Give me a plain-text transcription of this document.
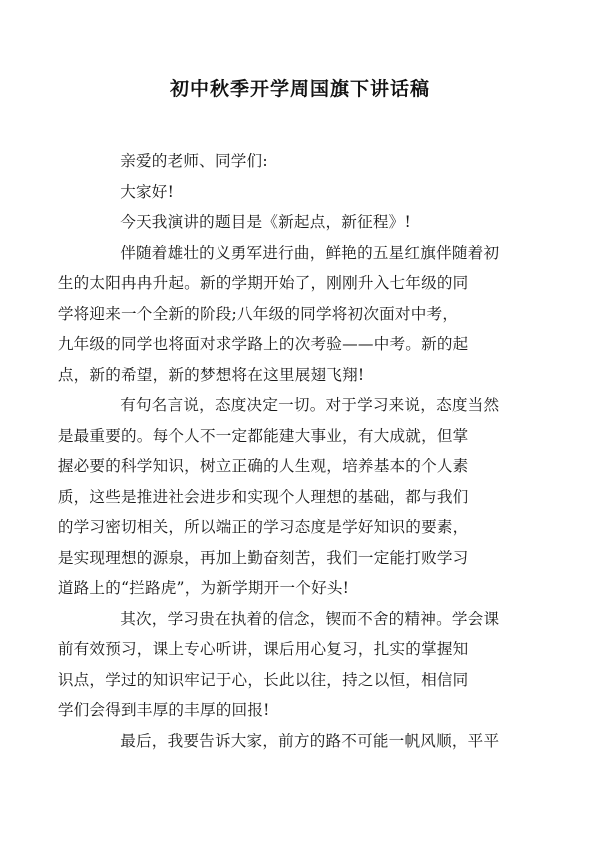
初中秋季开学周国旗下讲话稿

亲爱的老师、同学们:

大家好!

今天我演讲的题目是《新起点，新征程》!

伴随着雄壮的义勇军进行曲，鲜艳的五星红旗伴随着初
生的太阳冉冉升起。新的学期开始了，刚刚升入七年级的同
学将迎来一个全新的阶段;八年级的同学将初次面对中考，
九年级的同学也将面对求学路上的次考验——中考。新的起
点，新的希望，新的梦想将在这里展翅飞翔!

有句名言说，态度决定一切。对于学习来说，态度当然
是最重要的。每个人不一定都能建大事业，有大成就，但掌
握必要的科学知识，树立正确的人生观，培养基本的个人素
质，这些是推进社会进步和实现个人理想的基础，都与我们
的学习密切相关，所以端正的学习态度是学好知识的要素，
是实现理想的源泉，再加上勤奋刻苦，我们一定能打败学习
道路上的“拦路虎”，为新学期开一个好头!

其次，学习贵在执着的信念，锲而不舍的精神。学会课
前有效预习，课上专心听讲，课后用心复习，扎实的掌握知
识点，学过的知识牢记于心，长此以往，持之以恒，相信同
学们会得到丰厚的丰厚的回报!

最后，我要告诉大家，前方的路不可能一帆风顺，平平
